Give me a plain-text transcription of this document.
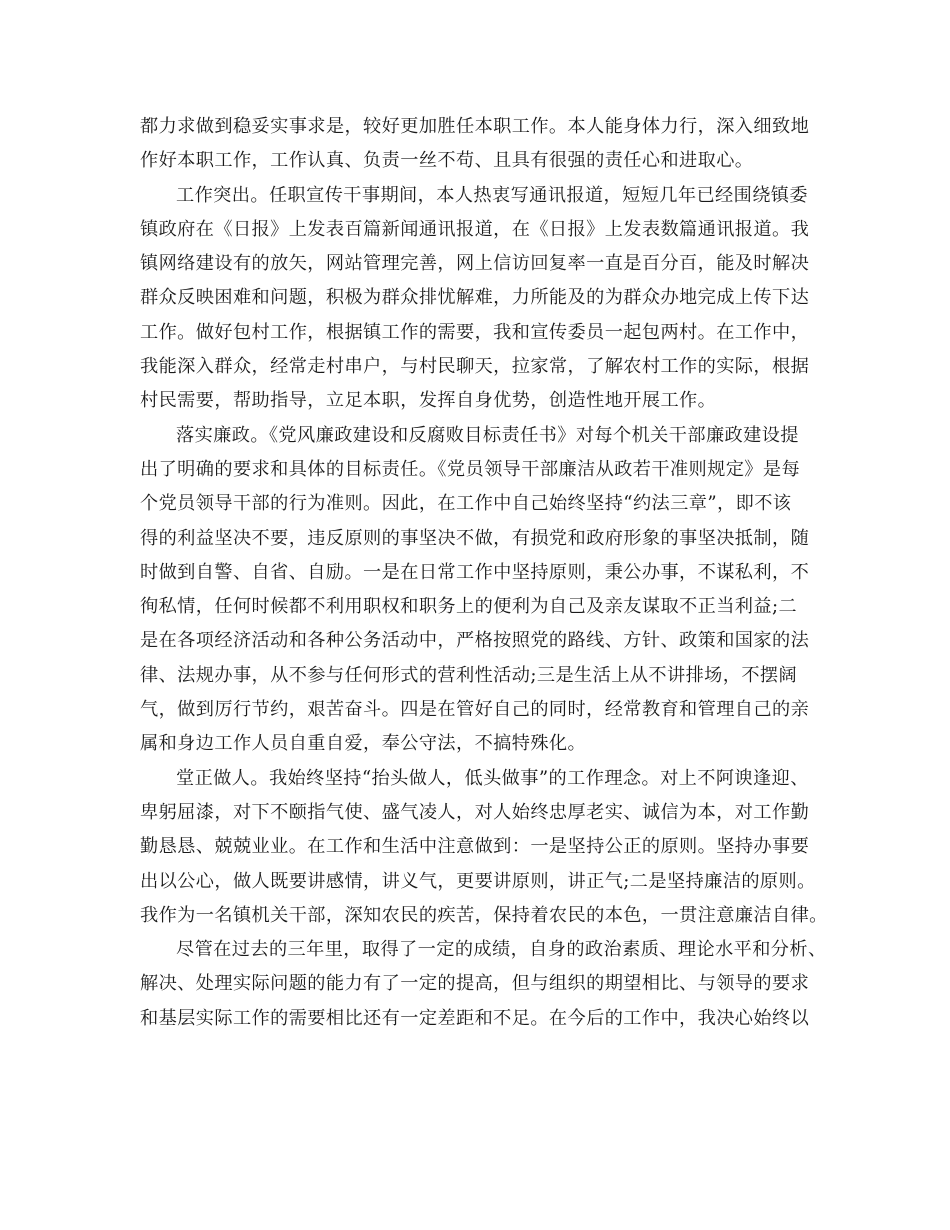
都力求做到稳妥实事求是，较好更加胜任本职工作。本人能身体力行，深入细致地
作好本职工作，工作认真、负责一丝不苟、且具有很强的责任心和进取心。
工作突出。任职宣传干事期间，本人热衷写通讯报道，短短几年已经围绕镇委
镇政府在《日报》上发表百篇新闻通讯报道，在《日报》上发表数篇通讯报道。我
镇网络建设有的放矢，网站管理完善，网上信访回复率一直是百分百，能及时解决
群众反映困难和问题，积极为群众排忧解难，力所能及的为群众办地完成上传下达
工作。做好包村工作，根据镇工作的需要，我和宣传委员一起包两村。在工作中，
我能深入群众，经常走村串户，与村民聊天，拉家常，了解农村工作的实际，根据
村民需要，帮助指导，立足本职，发挥自身优势，创造性地开展工作。
落实廉政。《党风廉政建设和反腐败目标责任书》对每个机关干部廉政建设提
出了明确的要求和具体的目标责任。《党员领导干部廉洁从政若干准则规定》是每
个党员领导干部的行为准则。因此，在工作中自己始终坚持“约法三章”，即不该
得的利益坚决不要，违反原则的事坚决不做，有损党和政府形象的事坚决抵制，随
时做到自警、自省、自励。一是在日常工作中坚持原则，秉公办事，不谋私利，不
徇私情，任何时候都不利用职权和职务上的便利为自己及亲友谋取不正当利益;二
是在各项经济活动和各种公务活动中，严格按照党的路线、方针、政策和国家的法
律、法规办事，从不参与任何形式的营利性活动;三是生活上从不讲排场，不摆阔
气，做到厉行节约，艰苦奋斗。四是在管好自己的同时，经常教育和管理自己的亲
属和身边工作人员自重自爱，奉公守法，不搞特殊化。
堂正做人。我始终坚持“抬头做人，低头做事”的工作理念。对上不阿谀逢迎、
卑躬屈漆，对下不颐指气使、盛气凌人，对人始终忠厚老实、诚信为本，对工作勤
勤恳恳、兢兢业业。在工作和生活中注意做到：一是坚持公正的原则。坚持办事要
出以公心，做人既要讲感情，讲义气，更要讲原则，讲正气;二是坚持廉洁的原则。
我作为一名镇机关干部，深知农民的疾苦，保持着农民的本色，一贯注意廉洁自律。
尽管在过去的三年里，取得了一定的成绩，自身的政治素质、理论水平和分析、
解决、处理实际问题的能力有了一定的提高，但与组织的期望相比、与领导的要求
和基层实际工作的需要相比还有一定差距和不足。在今后的工作中，我决心始终以
